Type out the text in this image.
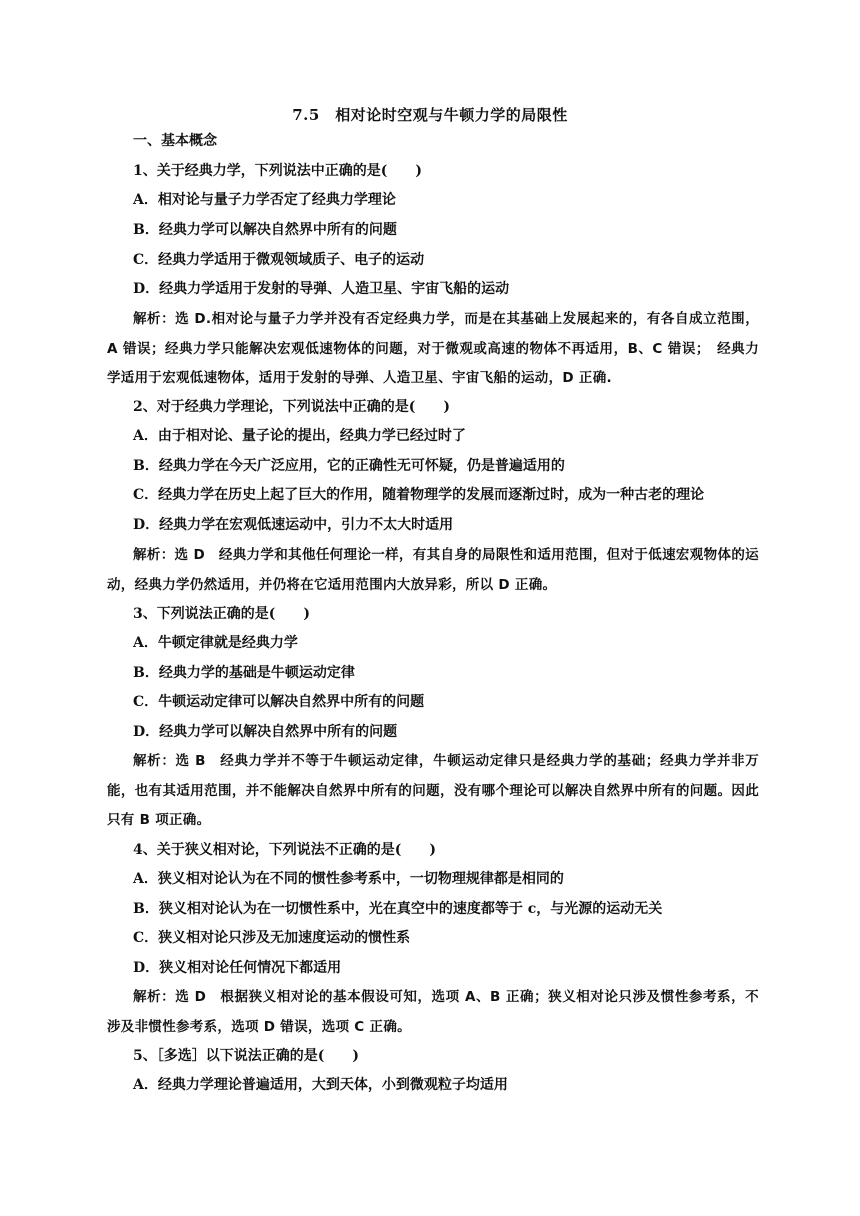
7.5　相对论时空观与牛顿力学的局限性
一、基本概念
1、关于经典力学，下列说法中正确的是(　　)
A．相对论与量子力学否定了经典力学理论
B．经典力学可以解决自然界中所有的问题
C．经典力学适用于微观领域质子、电子的运动
D．经典力学适用于发射的导弹、人造卫星、宇宙飞船的运动
解析：选 D.相对论与量子力学并没有否定经典力学，而是在其基础上发展起来的，有各自成立范围，A 错误；经典力学只能解决宏观低速物体的问题，对于微观或高速的物体不再适用，B、C 错误；　经典力学适用于宏观低速物体，适用于发射的导弹、人造卫星、宇宙飞船的运动，D 正确.
2、对于经典力学理论，下列说法中正确的是(　　)
A．由于相对论、量子论的提出，经典力学已经过时了
B．经典力学在今天广泛应用，它的正确性无可怀疑，仍是普遍适用的
C．经典力学在历史上起了巨大的作用，随着物理学的发展而逐渐过时，成为一种古老的理论
D．经典力学在宏观低速运动中，引力不太大时适用
解析：选 D　经典力学和其他任何理论一样，有其自身的局限性和适用范围，但对于低速宏观物体的运动，经典力学仍然适用，并仍将在它适用范围内大放异彩，所以 D 正确。
3、下列说法正确的是(　　)
A．牛顿定律就是经典力学
B．经典力学的基础是牛顿运动定律
C．牛顿运动定律可以解决自然界中所有的问题
D．经典力学可以解决自然界中所有的问题
解析：选 B　经典力学并不等于牛顿运动定律，牛顿运动定律只是经典力学的基础；经典力学并非万能，也有其适用范围，并不能解决自然界中所有的问题，没有哪个理论可以解决自然界中所有的问题。因此只有 B 项正确。
4、关于狭义相对论，下列说法不正确的是(　　)
A．狭义相对论认为在不同的惯性参考系中，一切物理规律都是相同的
B．狭义相对论认为在一切惯性系中，光在真空中的速度都等于 c，与光源的运动无关
C．狭义相对论只涉及无加速度运动的惯性系
D．狭义相对论任何情况下都适用
解析：选 D　根据狭义相对论的基本假设可知，选项 A、B 正确；狭义相对论只涉及惯性参考系，不涉及非惯性参考系，选项 D 错误，选项 C 正确。
5、［多选］以下说法正确的是(　　)
A．经典力学理论普遍适用，大到天体，小到微观粒子均适用
